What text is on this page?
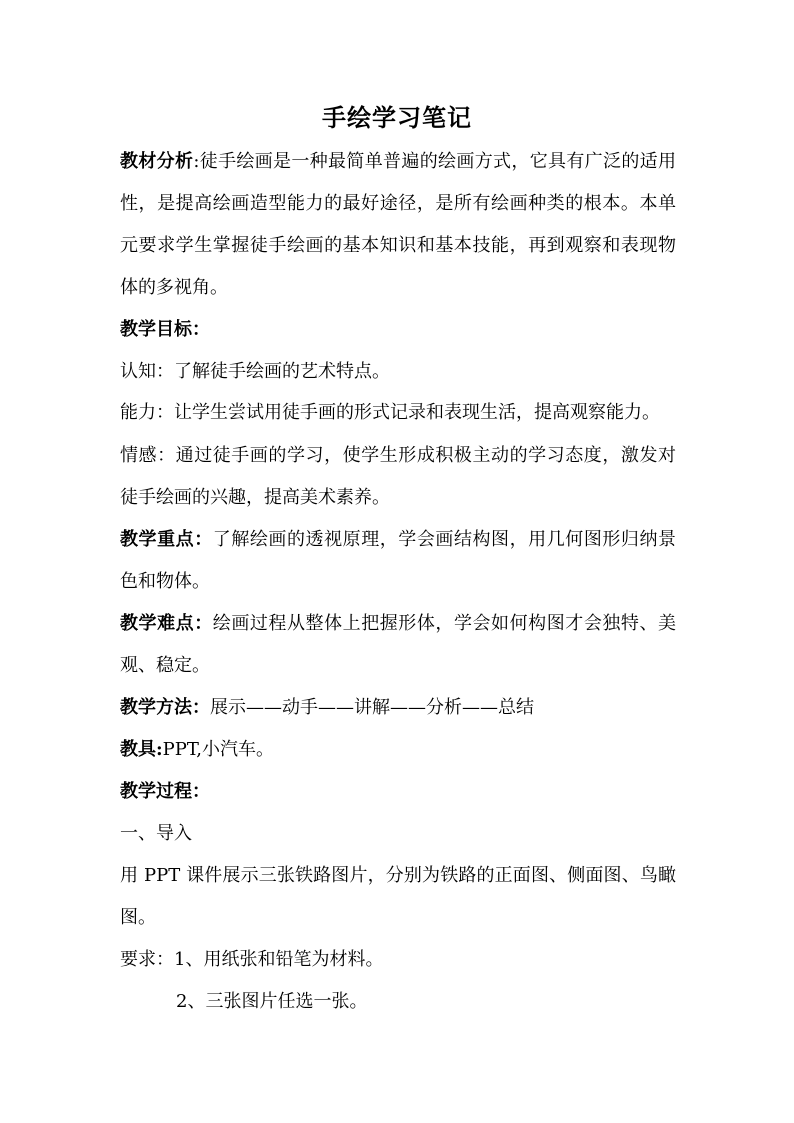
手绘学习笔记

教材分析:徒手绘画是一种最简单普遍的绘画方式，它具有广泛的适用性，是提高绘画造型能力的最好途径，是所有绘画种类的根本。本单元要求学生掌握徒手绘画的基本知识和基本技能，再到观察和表现物体的多视角。

教学目标：

认知：了解徒手绘画的艺术特点。

能力：让学生尝试用徒手画的形式记录和表现生活，提高观察能力。

情感：通过徒手画的学习，使学生形成积极主动的学习态度，激发对徒手绘画的兴趣，提高美术素养。

教学重点：了解绘画的透视原理，学会画结构图，用几何图形归纳景色和物体。

教学难点：绘画过程从整体上把握形体，学会如何构图才会独特、美观、稳定。

教学方法：展示——动手——讲解——分析——总结

教具:PPT,小汽车。

教学过程：

一、导入

用 PPT 课件展示三张铁路图片，分别为铁路的正面图、侧面图、鸟瞰图。

要求：1、用纸张和铅笔为材料。

2、三张图片任选一张。
